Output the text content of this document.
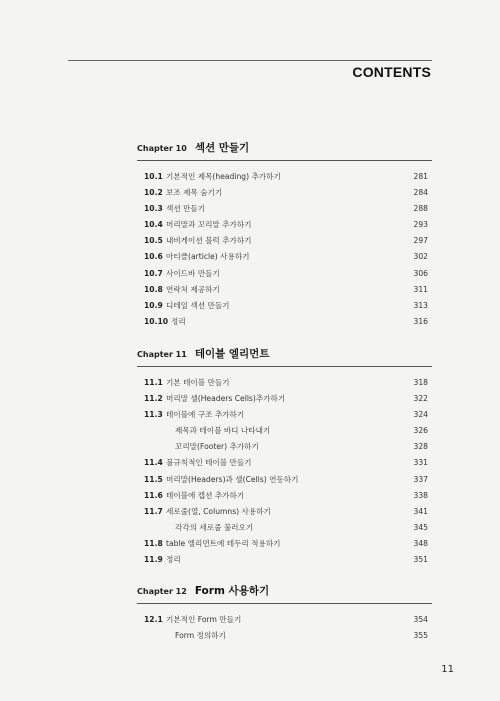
CONTENTS
Chapter 10 섹션 만들기
10.1 기본적인 제목(heading) 추가하기	281
10.2 보조 제목 숨기기	284
10.3 섹션 만들기	288
10.4 머리말과 꼬리말 추가하기	293
10.5 내비게이션 블럭 추가하기	297
10.6 아티클(article) 사용하기	302
10.7 사이드바 만들기	306
10.8 연락처 제공하기	311
10.9 디테일 섹션 만들기	313
10.10 정리	316
Chapter 11 테이블 엘리먼트
11.1 기본 테이블 만들기	318
11.2 머리말 셀(Headers Cells)추가하기	322
11.3 테이블에 구조 추가하기	324
제목과 테이블 바디 나타내기	326
꼬리말(Footer) 추가하기	328
11.4 불규칙적인 테이블 만들기	331
11.5 머리말(Headers)과 셀(Cells) 연동하기	337
11.6 테이블에 캡션 추가하기	338
11.7 세로줄(열, Columns) 사용하기	341
각각의 세로줄 불러오기	345
11.8 table 엘리먼트에 테두리 적용하기	348
11.9 정리	351
Chapter 12 Form 사용하기
12.1 기본적인 Form 만들기	354
Form 정의하기	355
11
